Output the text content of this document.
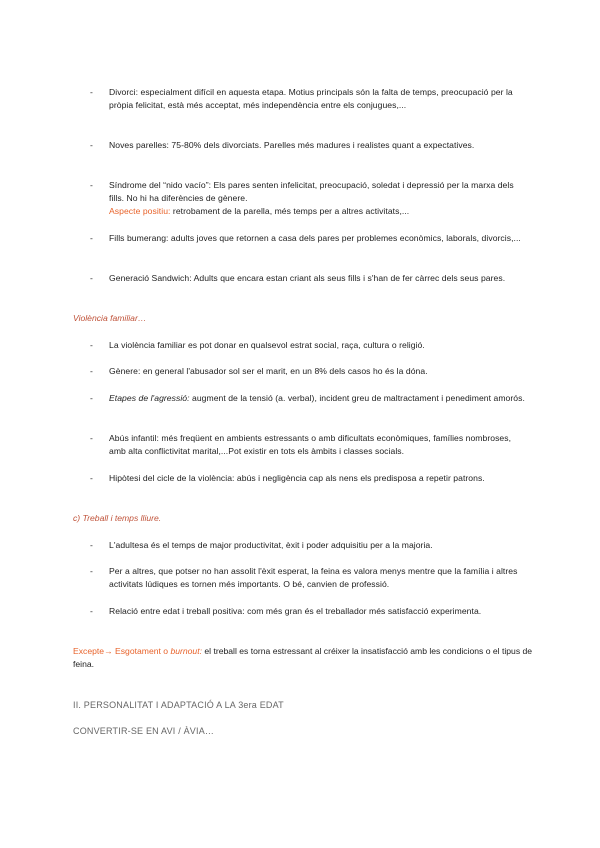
- Divorci: especialment difícil en aquesta etapa. Motius principals són la falta de temps, preocupació per la pròpia felicitat, està més acceptat, més independència entre els conjugues,...
- Noves parelles: 75-80% dels divorciats. Parelles més madures i realistes quant a expectatives.
- Síndrome del “nido vacío”: Els pares senten infelicitat, preocupació, soledat i depressió per la marxa dels fills. No hi ha diferències de gènere.
Aspecte positiu: retrobament de la parella, més temps per a altres activitats,...
- Fills bumerang: adults joves que retornen a casa dels pares per problemes econòmics, laborals, divorcis,...
- Generació Sandwich: Adults que encara estan criant als seus fills i s'han de fer càrrec dels seus pares.
Violència familiar…
- La violència familiar es pot donar en qualsevol estrat social, raça, cultura o religió.
- Gènere: en general l'abusador sol ser el marit, en un 8% dels casos ho és la dóna.
- Etapes de l'agressió: augment de la tensió (a. verbal), incident greu de maltractament i penediment amorós.
- Abús infantil: més freqüent en ambients estressants o amb dificultats econòmiques, famílies nombroses, amb alta conflictivitat marital,...Pot existir en tots els àmbits i classes socials.
- Hipòtesi del cicle de la violència: abús i negligència cap als nens els predisposa a repetir patrons.
c) Treball i temps lliure.
- L'adultesa és el temps de major productivitat, èxit i poder adquisitiu per a la majoria.
- Per a altres, que potser no han assolit l'èxit esperat, la feina es valora menys mentre que la família i altres activitats lúdiques es tornen més importants. O bé, canvien de professió.
- Relació entre edat i treball positiva: com més gran és el treballador més satisfacció experimenta.
Excepte→ Esgotament o burnout: el treball es torna estressant al créixer la insatisfacció amb les condicions o el tipus de feina.
II. PERSONALITAT I ADAPTACIÓ A LA 3era EDAT
CONVERTIR-SE EN AVI / ÀVIA…
